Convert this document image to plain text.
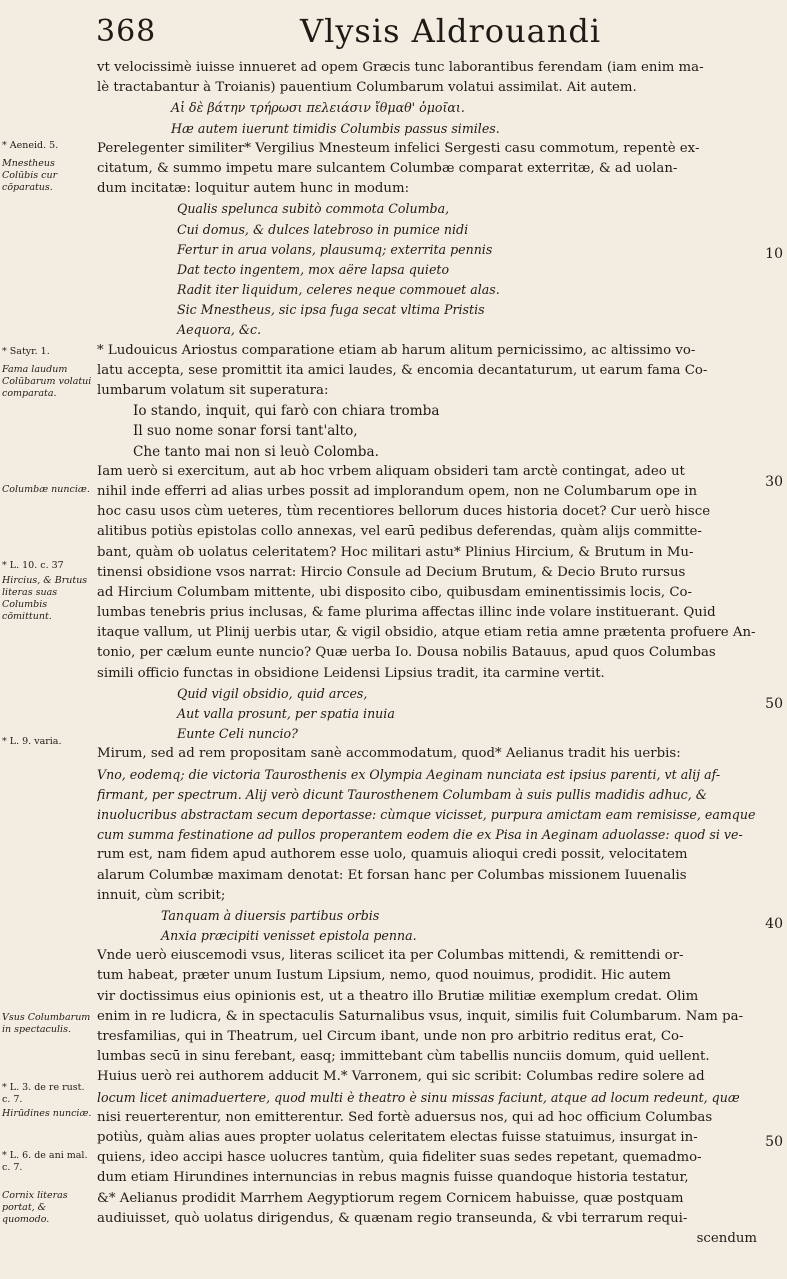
368	Vlysis Aldrouandi
* Aeneid. 5.
Mnestheus Colūbis cur cōparatus.
* Satyr. 1.
Fama laudum Colūbarum volatui comparata.
Columbæ nunciæ.
* L. 10. c. 37
Hircius, & Brutus literas suas Columbis cōmittunt.
* L. 9. varia.
Vsus Columbarum in spectaculis.
* L. 3. de re rust. c. 7.
Hirūdines nunciæ.
* L. 6. de ani mal. c. 7.
Cornix literas portat, & quomodo.
10
30
50
40
50
vt velocissimè iuisse innueret ad opem Græcis tunc laborantibus ferendam (iam enim ma-
lè tractabantur à Troianis) pauentium Columbarum volatui assimilat. Ait autem.
Αἱ δὲ βάτην τρήρωσι πελειάσιν ἴθμαθ' ὁμοῖαι.
Hæ autem iuerunt timidis Columbis passus similes.
Perelegenter similiter* Vergilius Mnesteum infelici Sergesti casu commotum, repentè ex-
citatum, & summo impetu mare sulcantem Columbæ comparat exterritæ, & ad uolan-
dum incitatæ: loquitur autem hunc in modum:
Qualis spelunca subitò commota Columba,
Cui domus, & dulces latebroso in pumice nidi
Fertur in arua volans, plausumq; exterrita pennis
Dat tecto ingentem, mox aëre lapsa quieto
Radit iter liquidum, celeres neque commouet alas.
Sic Mnestheus, sic ipsa fuga secat vltima Pristis
Aequora, &c.
* Ludouicus Ariostus comparatione etiam ab harum alitum pernicissimo, ac altissimo vo-
latu accepta, sese promittit ita amici laudes, & encomia decantaturum, ut earum fama Co-
lumbarum volatum sit superatura:
Io stando, inquit, qui farò con chiara tromba
Il suo nome sonar forsi tant'alto,
Che tanto mai non si leuò Colomba.
Iam uerò si exercitum, aut ab hoc vrbem aliquam obsideri tam arctè contingat, adeo ut
nihil inde efferri ad alias urbes possit ad implorandum opem, non ne Columbarum ope in
hoc casu usos cùm ueteres, tùm recentiores bellorum duces historia docet? Cur uerò hisce
alitibus potiùs epistolas collo annexas, vel earū pedibus deferendas, quàm alijs committe-
bant, quàm ob uolatus celeritatem? Hoc militari astu* Plinius Hircium, & Brutum in Mu-
tinensi obsidione vsos narrat: Hircio Consule ad Decium Brutum, & Decio Bruto rursus
ad Hircium Columbam mittente, ubi disposito cibo, quibusdam eminentissimis locis, Co-
lumbas tenebris prius inclusas, & fame plurima affectas illinc inde volare instituerant. Quid
itaque vallum, ut Plinij uerbis utar, & vigil obsidio, atque etiam retia amne prætenta profuere An-
tonio, per cælum eunte nuncio? Quæ uerba Io. Dousa nobilis Batauus, apud quos Columbas
simili officio functas in obsidione Leidensi Lipsius tradit, ita carmine vertit.
Quid vigil obsidio, quid arces,
Aut valla prosunt, per spatia inuia
Eunte Celi nuncio?
Mirum, sed ad rem propositam sanè accommodatum, quod* Aelianus tradit his uerbis:
Vno, eodemq; die victoria Taurosthenis ex Olympia Aeginam nunciata est ipsius parenti, vt alij af-
firmant, per spectrum. Alij verò dicunt Taurosthenem Columbam à suis pullis madidis adhuc, &
inuolucribus abstractam secum deportasse: cùmque vicisset, purpura amictam eam remisisse, eamque
cum summa festinatione ad pullos properantem eodem die ex Pisa in Aeginam aduolasse: quod si ve-
rum est, nam fidem apud authorem esse uolo, quamuis alioqui credi possit, velocitatem
alarum Columbæ maximam denotat: Et forsan hanc per Columbas missionem Iuuenalis
innuit, cùm scribit;
Tanquam à diuersis partibus orbis
Anxia præcipiti venisset epistola penna.
Vnde uerò eiuscemodi vsus, literas scilicet ita per Columbas mittendi, & remittendi or-
tum habeat, præter unum Iustum Lipsium, nemo, quod nouimus, prodidit. Hic autem
vir doctissimus eius opinionis est, ut a theatro illo Brutiæ militiæ exemplum credat. Olim
enim in re ludicra, & in spectaculis Saturnalibus vsus, inquit, similis fuit Columbarum. Nam pa-
tresfamilias, qui in Theatrum, uel Circum ibant, unde non pro arbitrio reditus erat, Co-
lumbas secū in sinu ferebant, easq; immittebant cùm tabellis nunciis domum, quid uellent.
Huius uerò rei authorem adducit M.* Varronem, qui sic scribit: Columbas redire solere ad
locum licet animaduertere, quod multi è theatro è sinu missas faciunt, atque ad locum redeunt, quæ
nisi reuerterentur, non emitterentur. Sed fortè aduersus nos, qui ad hoc officium Columbas
potiùs, quàm alias aues propter uolatus celeritatem electas fuisse statuimus, insurgat in-
quiens, ideo accipi hasce uolucres tantùm, quia fideliter suas sedes repetant, quemadmo-
dum etiam Hirundines internuncias in rebus magnis fuisse quandoque historia testatur,
&* Aelianus prodidit Marrhem Aegyptiorum regem Cornicem habuisse, quæ postquam
audiuisset, quò uolatus dirigendus, & quænam regio transeunda, & vbi terrarum requi-
scendum
